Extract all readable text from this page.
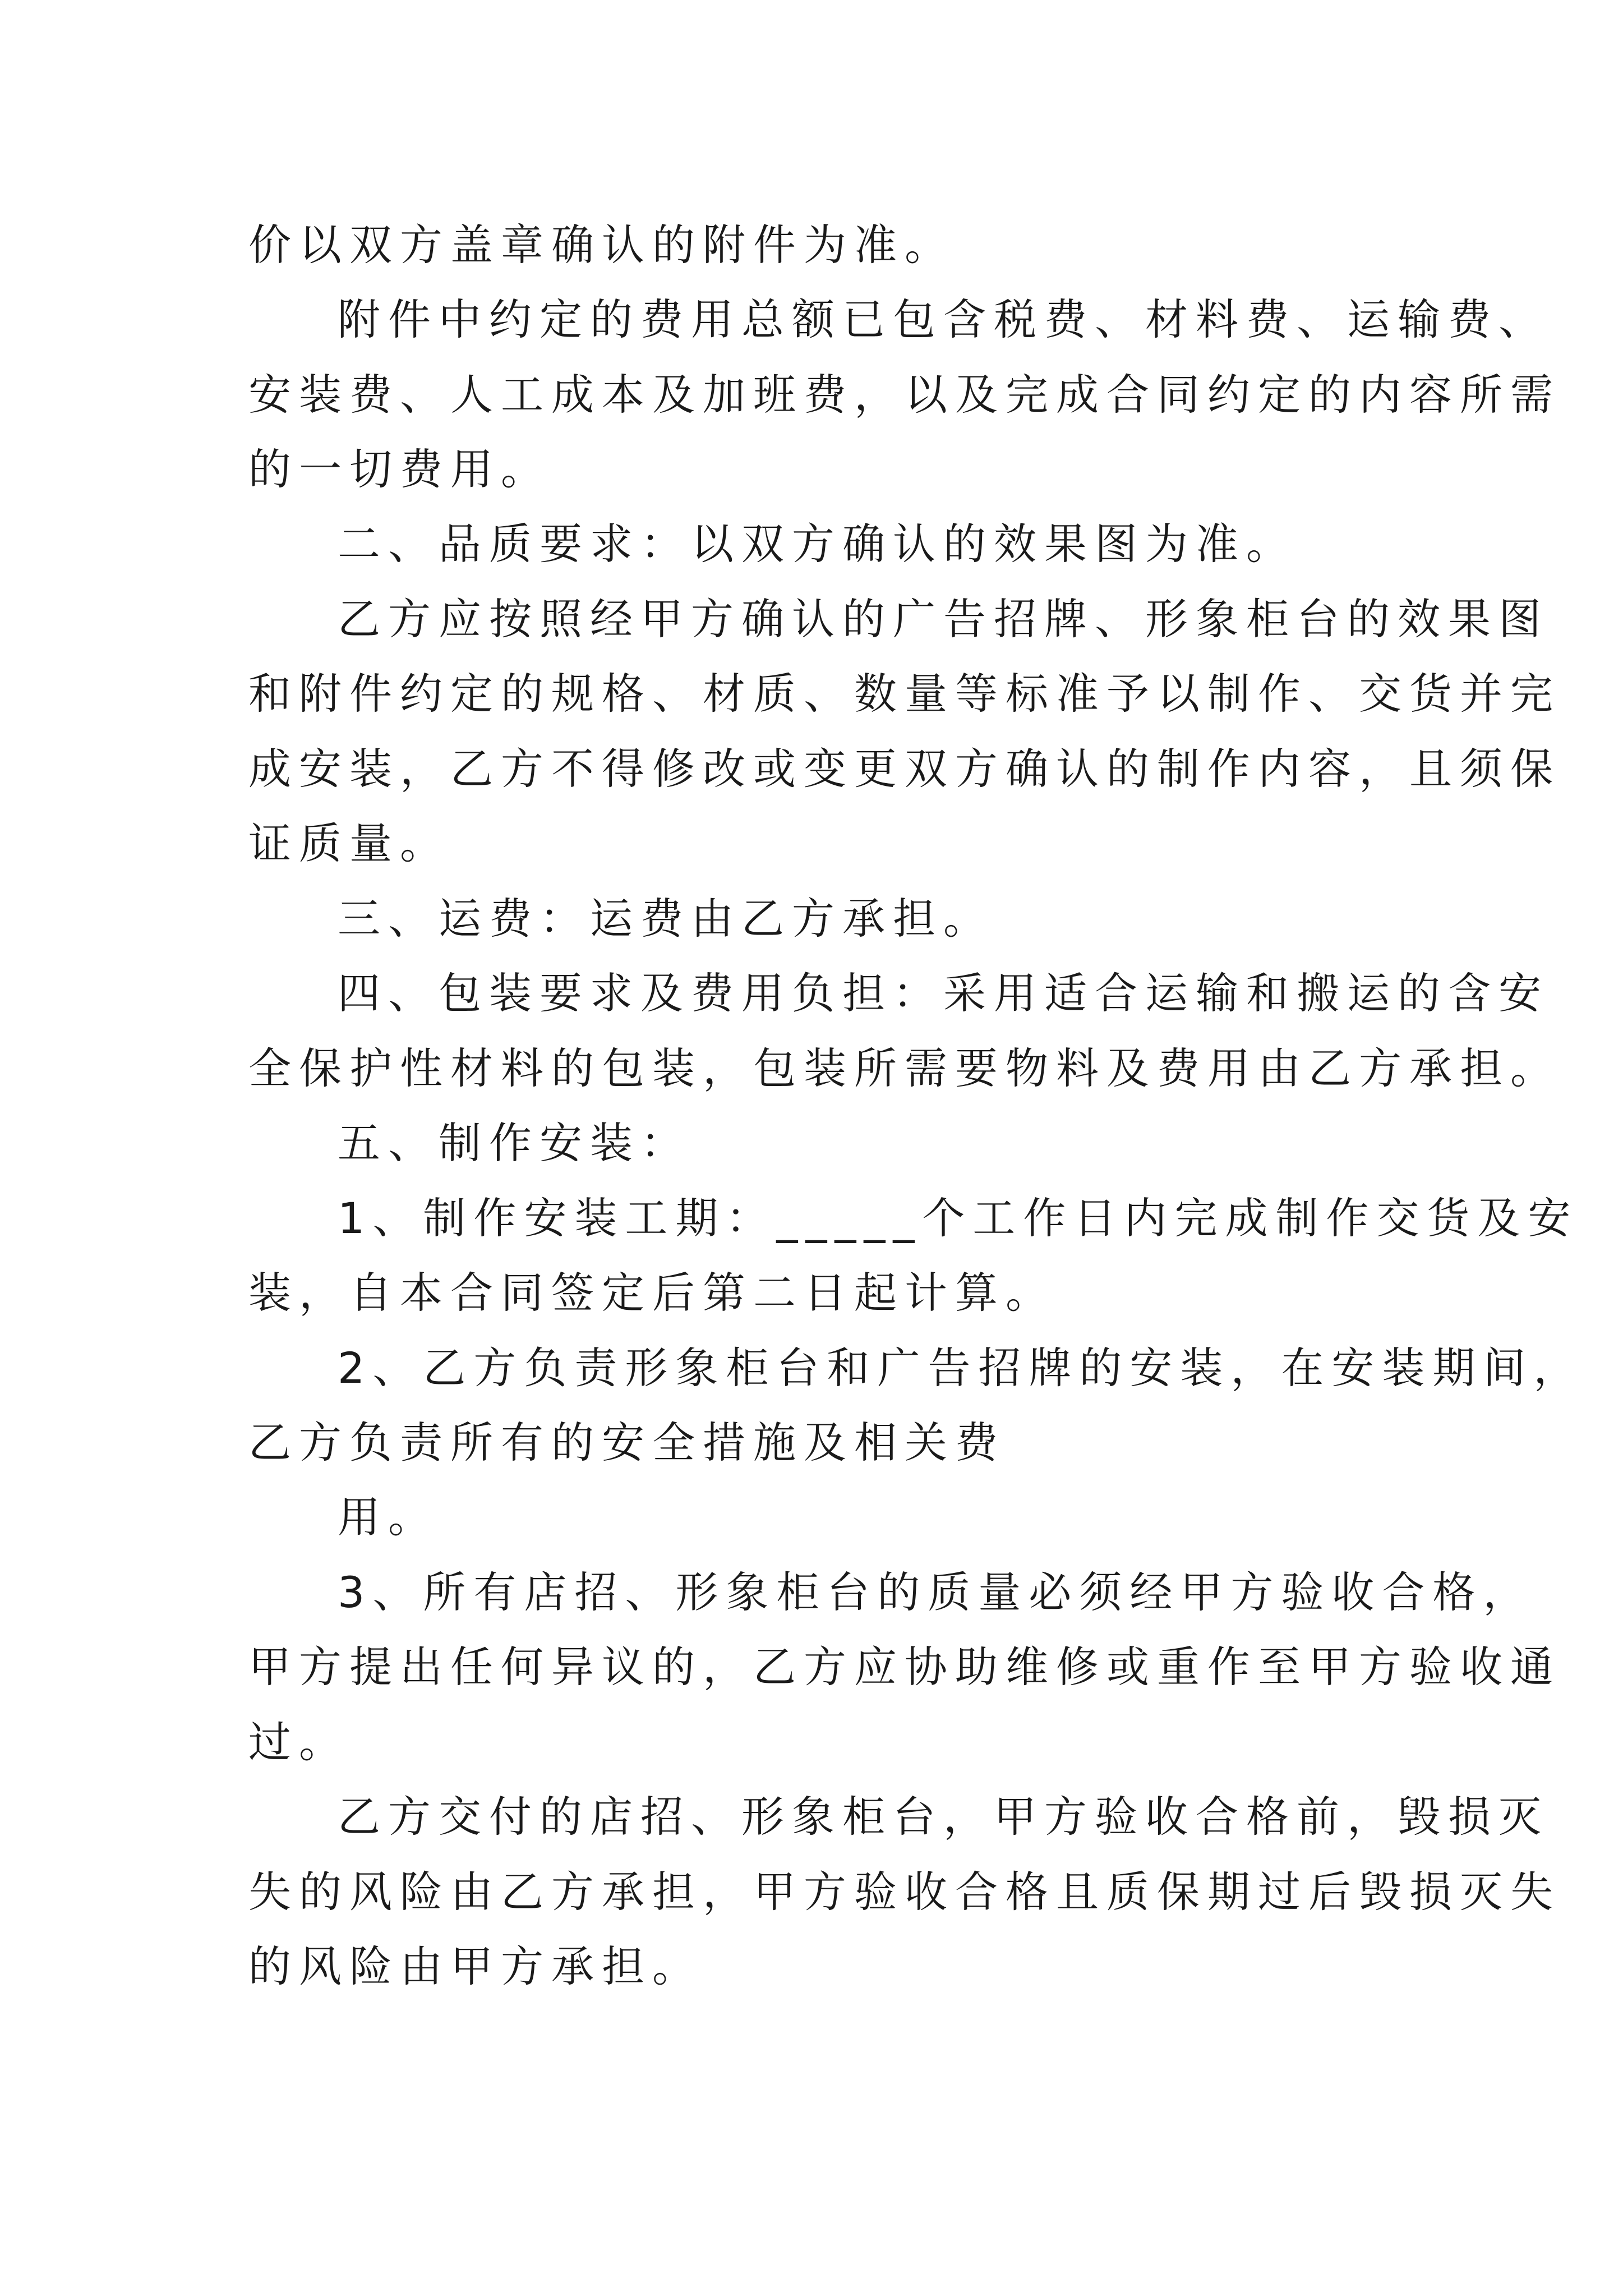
价以双方盖章确认的附件为准。
附件中约定的费用总额已包含税费、材料费、运输费、
安装费、人工成本及加班费，以及完成合同约定的内容所需
的一切费用。
二、品质要求：以双方确认的效果图为准。
乙方应按照经甲方确认的广告招牌、形象柜台的效果图
和附件约定的规格、材质、数量等标准予以制作、交货并完
成安装，乙方不得修改或变更双方确认的制作内容，且须保
证质量。
三、运费：运费由乙方承担。
四、包装要求及费用负担：采用适合运输和搬运的含安
全保护性材料的包装，包装所需要物料及费用由乙方承担。
五、制作安装：
1、制作安装工期：_____个工作日内完成制作交货及安
装，自本合同签定后第二日起计算。
2、乙方负责形象柜台和广告招牌的安装，在安装期间，
乙方负责所有的安全措施及相关费
用。
3、所有店招、形象柜台的质量必须经甲方验收合格，
甲方提出任何异议的，乙方应协助维修或重作至甲方验收通
过。
乙方交付的店招、形象柜台，甲方验收合格前，毁损灭
失的风险由乙方承担，甲方验收合格且质保期过后毁损灭失
的风险由甲方承担。
